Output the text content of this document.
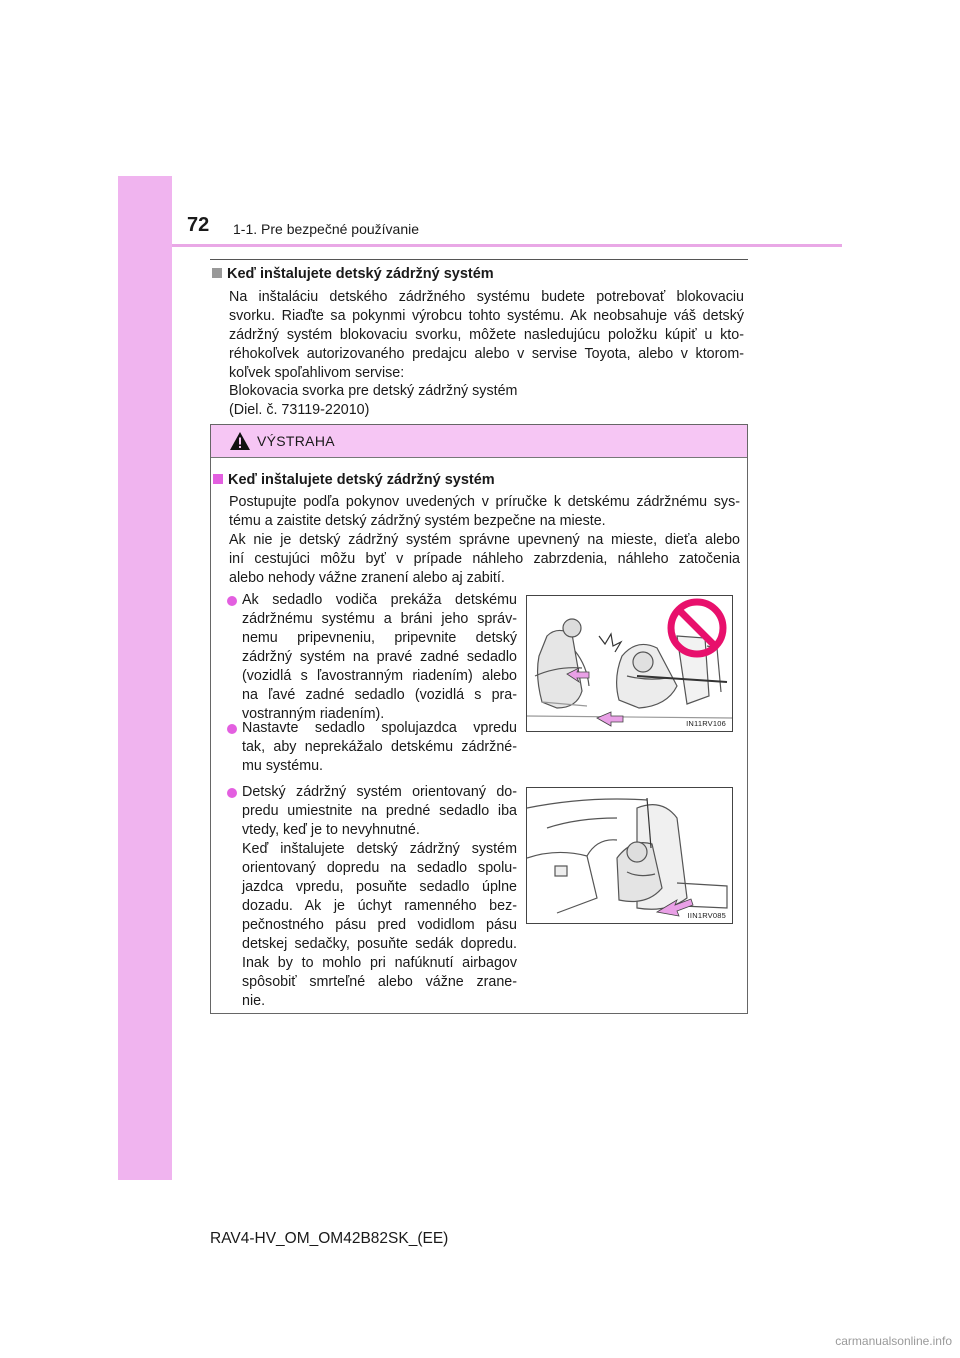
72 1-1. Pre bezpečné používanie
Keď inštalujete detský zádržný systém
Na inštaláciu detského zádržného systému budete potrebovať blokovaciu
svorku. Riaďte sa pokynmi výrobcu tohto systému. Ak neobsahuje váš detský
zádržný systém blokovaciu svorku, môžete nasledujúcu položku kúpiť u kto-
réhokoľvek autorizovaného predajcu alebo v servise Toyota, alebo v ktorom-
koľvek spoľahlivom servise:
Blokovacia svorka pre detský zádržný systém
(Diel. č. 73119-22010)
VÝSTRAHA
Keď inštalujete detský zádržný systém
Postupujte podľa pokynov uvedených v príručke k detskému zádržnému sys-
tému a zaistite detský zádržný systém bezpečne na mieste.
Ak nie je detský zádržný systém správne upevnený na mieste, dieťa alebo
iní cestujúci môžu byť v prípade náhleho zabrzdenia, náhleho zatočenia
alebo nehody vážne zranení alebo aj zabití.
Ak sedadlo vodiča prekáža detskému
zádržnému systému a bráni jeho správ-
nemu pripevneniu, pripevnite detský
zádržný systém na pravé zadné sedadlo
(vozidlá s ľavostranným riadením) alebo
na ľavé zadné sedadlo (vozidlá s pra-
vostranným riadením).
Nastavte sedadlo spolujazdca vpredu
tak, aby neprekážalo detskému zádržné-
mu systému.
Detský zádržný systém orientovaný do-
predu umiestnite na predné sedadlo iba
vtedy, keď je to nevyhnutné.
Keď inštalujete detský zádržný systém
orientovaný dopredu na sedadlo spolu-
jazdca vpredu, posuňte sedadlo úplne
dozadu. Ak je úchyt ramenného bez-
pečnostného pásu pred vodidlom pásu
detskej sedačky, posuňte sedák dopredu.
Inak by to mohlo pri nafúknutí airbagov
spôsobiť smrteľné alebo vážne zrane-
nie.
IN11RV106
IIN1RV085
RAV4-HV_OM_OM42B82SK_(EE)
carmanualsonline.info
